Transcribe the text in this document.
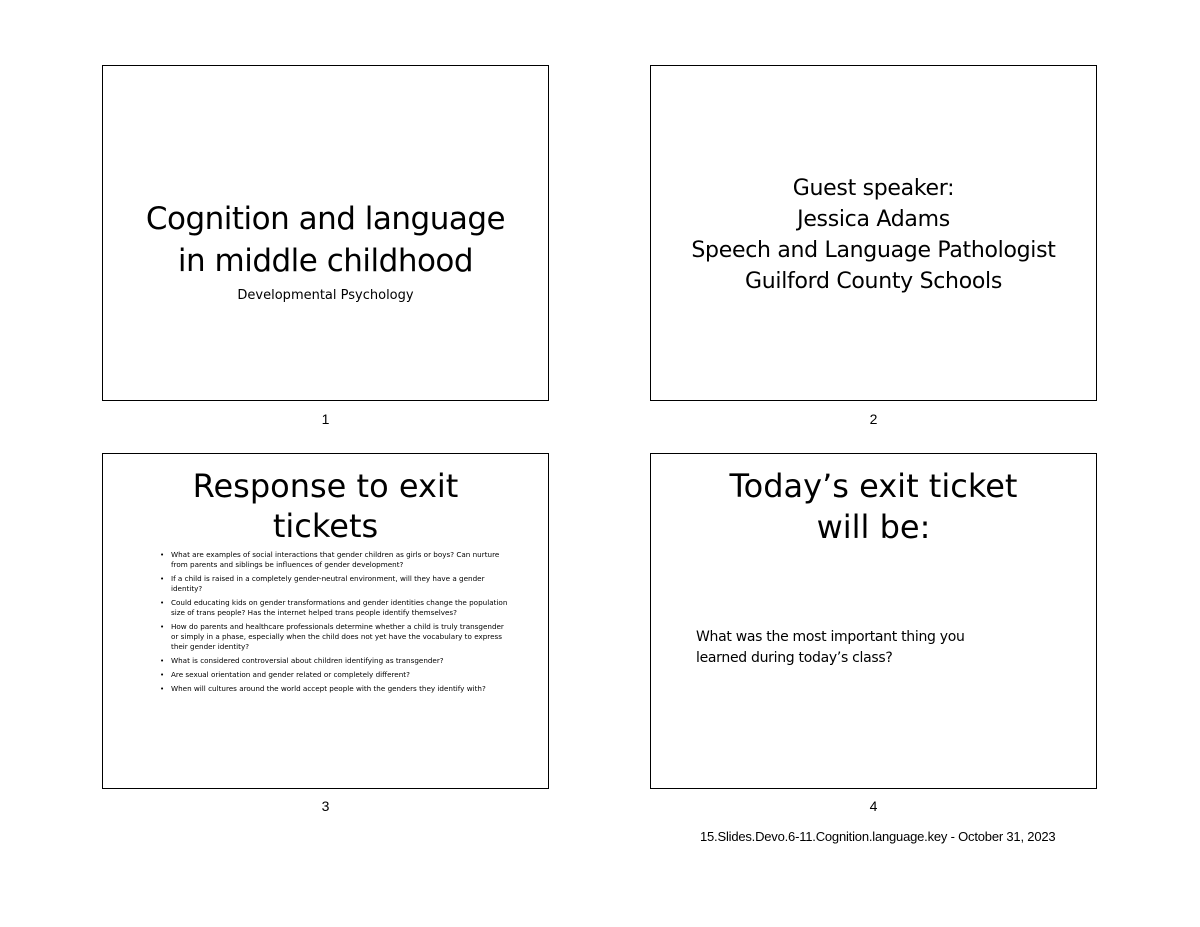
Cognition and language
in middle childhood
Developmental Psychology
1
Guest speaker:
Jessica Adams
Speech and Language Pathologist
Guilford County Schools
2
Response to exit
tickets
• What are examples of social interactions that gender children as girls or boys? Can nurture from parents and siblings be influences of gender development?
• If a child is raised in a completely gender-neutral environment, will they have a gender identity?
• Could educating kids on gender transformations and gender identities change the population size of trans people? Has the internet helped trans people identify themselves?
• How do parents and healthcare professionals determine whether a child is truly transgender or simply in a phase, especially when the child does not yet have the vocabulary to express their gender identity?
• What is considered controversial about children identifying as transgender?
• Are sexual orientation and gender related or completely different?
• When will cultures around the world accept people with the genders they identify with?
3
Today’s exit ticket
will be:
What was the most important thing you
learned during today’s class?
4
15.Slides.Devo.6-11.Cognition.language.key - October 31, 2023
